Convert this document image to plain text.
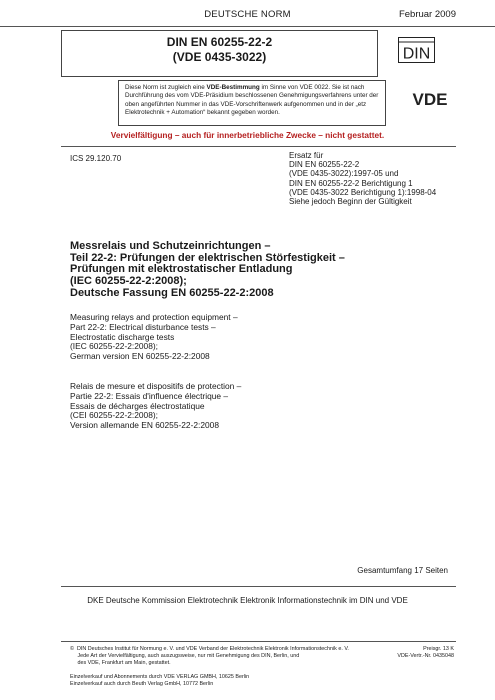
DEUTSCHE NORM	Februar 2009
DIN EN 60255-22-2
(VDE 0435-3022)	DIN

Diese Norm ist zugleich eine VDE-Bestimmung im Sinne von VDE 0022. Sie ist nach Durchführung des vom VDE-Präsidium beschlossenen Genehmigungsverfahrens unter der oben angeführten Nummer in das VDE-Vorschriftenwerk aufgenommen und in der „etz Elektrotechnik + Automation“ bekannt gegeben worden.

VDE
Vervielfältigung – auch für innerbetriebliche Zwecke – nicht gestattet.
ICS 29.120.70	Ersatz für
DIN EN 60255-22-2
(VDE 0435-3022):1997-05 und
DIN EN 60255-22-2 Berichtigung 1
(VDE 0435-3022 Berichtigung 1):1998-04
Siehe jedoch Beginn der Gültigkeit
Messrelais und Schutzeinrichtungen –
Teil 22-2: Prüfungen der elektrischen Störfestigkeit –
Prüfungen mit elektrostatischer Entladung
(IEC 60255-22-2:2008);
Deutsche Fassung EN 60255-22-2:2008
Measuring relays and protection equipment –
Part 22-2: Electrical disturbance tests –
Electrostatic discharge tests
(IEC 60255-22-2:2008);
German version EN 60255-22-2:2008
Relais de mesure et dispositifs de protection –
Partie 22-2: Essais d'influence électrique –
Essais de décharges électrostatique
(CEI 60255-22-2:2008);
Version allemande EN 60255-22-2:2008
Gesamtumfang 17 Seiten
DKE Deutsche Kommission Elektrotechnik Elektronik Informationstechnik im DIN und VDE
©  DIN Deutsches Institut für Normung e. V. und VDE Verband der Elektrotechnik Elektronik Informationstechnik e. V.
Jede Art der Vervielfältigung, auch auszugsweise, nur mit Genehmigung des DIN, Berlin, und
des VDE, Frankfurt am Main, gestattet.
Preisgr. 13 K
VDE-Vertr.-Nr. 0435048
Einzelverkauf und Abonnements durch VDE VERLAG GMBH, 10625 Berlin
Einzelverkauf auch durch Beuth Verlag GmbH, 10772 Berlin
